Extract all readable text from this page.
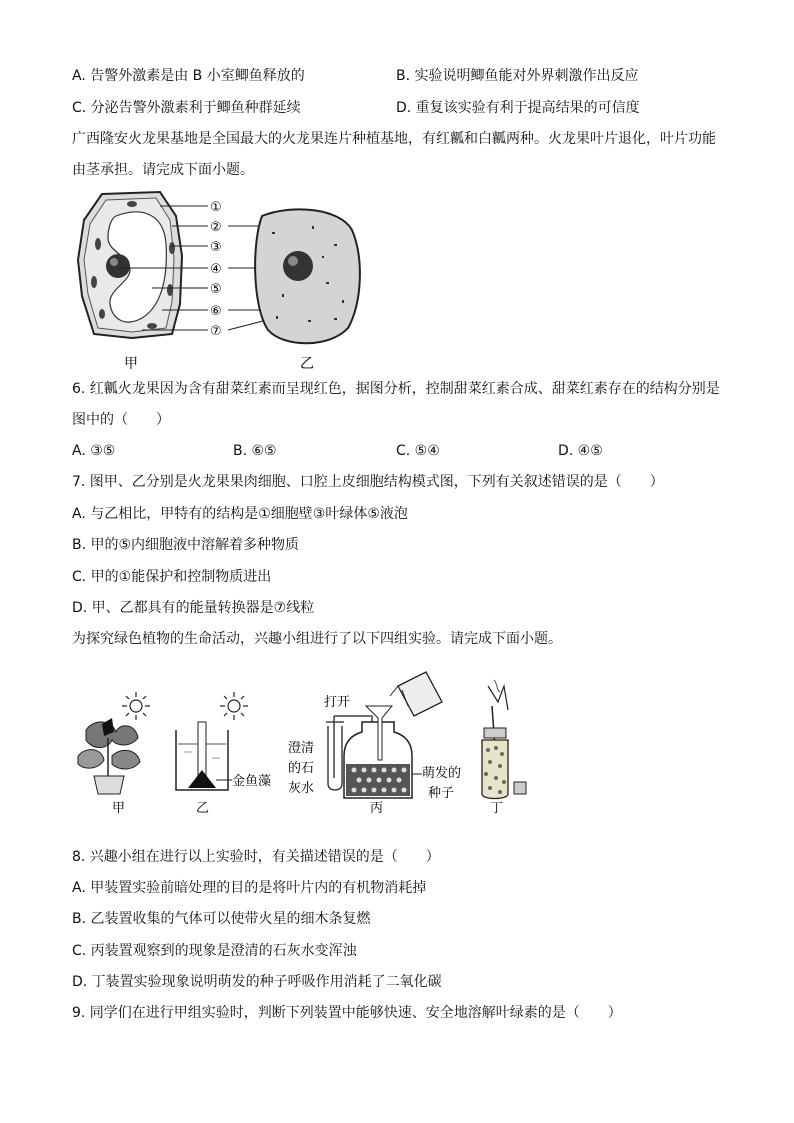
A. 告警外激素是由 B 小室鲫鱼释放的	B. 实验说明鲫鱼能对外界刺激作出反应
C. 分泌告警外激素利于鲫鱼种群延续	D. 重复该实验有利于提高结果的可信度
广西隆安火龙果基地是全国最大的火龙果连片种植基地，有红瓤和白瓤两种。火龙果叶片退化，叶片功能
由茎承担。请完成下面小题。
①
②
③
④
⑤
⑥
⑦
甲	乙
6. 红瓤火龙果因为含有甜菜红素而呈现红色，据图分析，控制甜菜红素合成、甜菜红素存在的结构分别是
图中的（　　）
A. ③⑤	B. ⑥⑤	C. ⑤④	D. ④⑤
7. 图甲、乙分别是火龙果果肉细胞、口腔上皮细胞结构模式图，下列有关叙述错误的是（　　）
A. 与乙相比，甲特有的结构是①细胞壁③叶绿体⑤液泡
B. 甲的⑤内细胞液中溶解着多种物质
C. 甲的①能保护和控制物质进出
D. 甲、乙都具有的能量转换器是⑦线粒
为探究绿色植物的生命活动，兴趣小组进行了以下四组实验。请完成下面小题。
甲
金鱼藻
乙
打开
澄清
的石
灰水
萌发的
种子
丙	丁
8. 兴趣小组在进行以上实验时，有关描述错误的是（　　）
A. 甲装置实验前暗处理的目的是将叶片内的有机物消耗掉
B. 乙装置收集的气体可以使带火星的细木条复燃
C. 丙装置观察到的现象是澄清的石灰水变浑浊
D. 丁装置实验现象说明萌发的种子呼吸作用消耗了二氧化碳
9. 同学们在进行甲组实验时，判断下列装置中能够快速、安全地溶解叶绿素的是（　　）
